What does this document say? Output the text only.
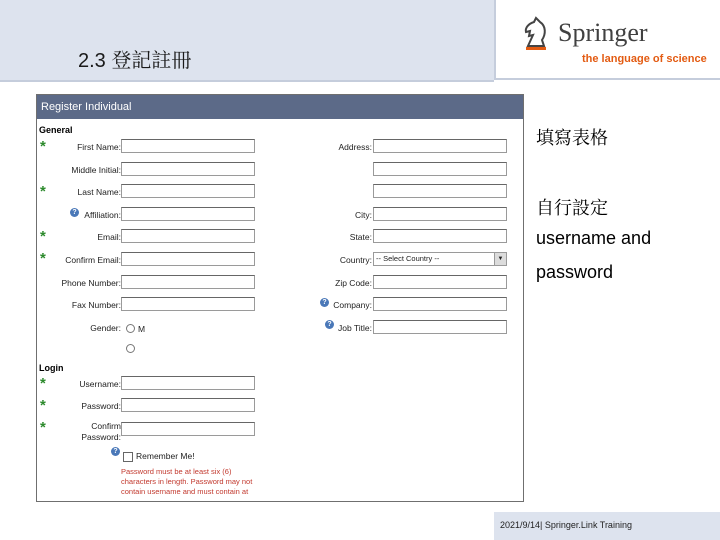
2.3 登記註冊
Springer
the language of science
Register Individual
General
*	First Name:
Middle Initial:
*	Last Name:
? Affiliation:
*	Email:
*	Confirm Email:
Phone Number:
Fax Number:
Gender: M
Address:
City:
State:
Country: -- Select Country --	▼
Zip Code:
? Company:
? Job Title:
Login
*	Username:
*	Password:
*	Confirm
Password:
? Remember Me!
Password must be at least six (6) characters in length. Password may not contain username and must contain at
填寫表格
自行設定
username and
password
2021/9/14| Springer.Link Training
